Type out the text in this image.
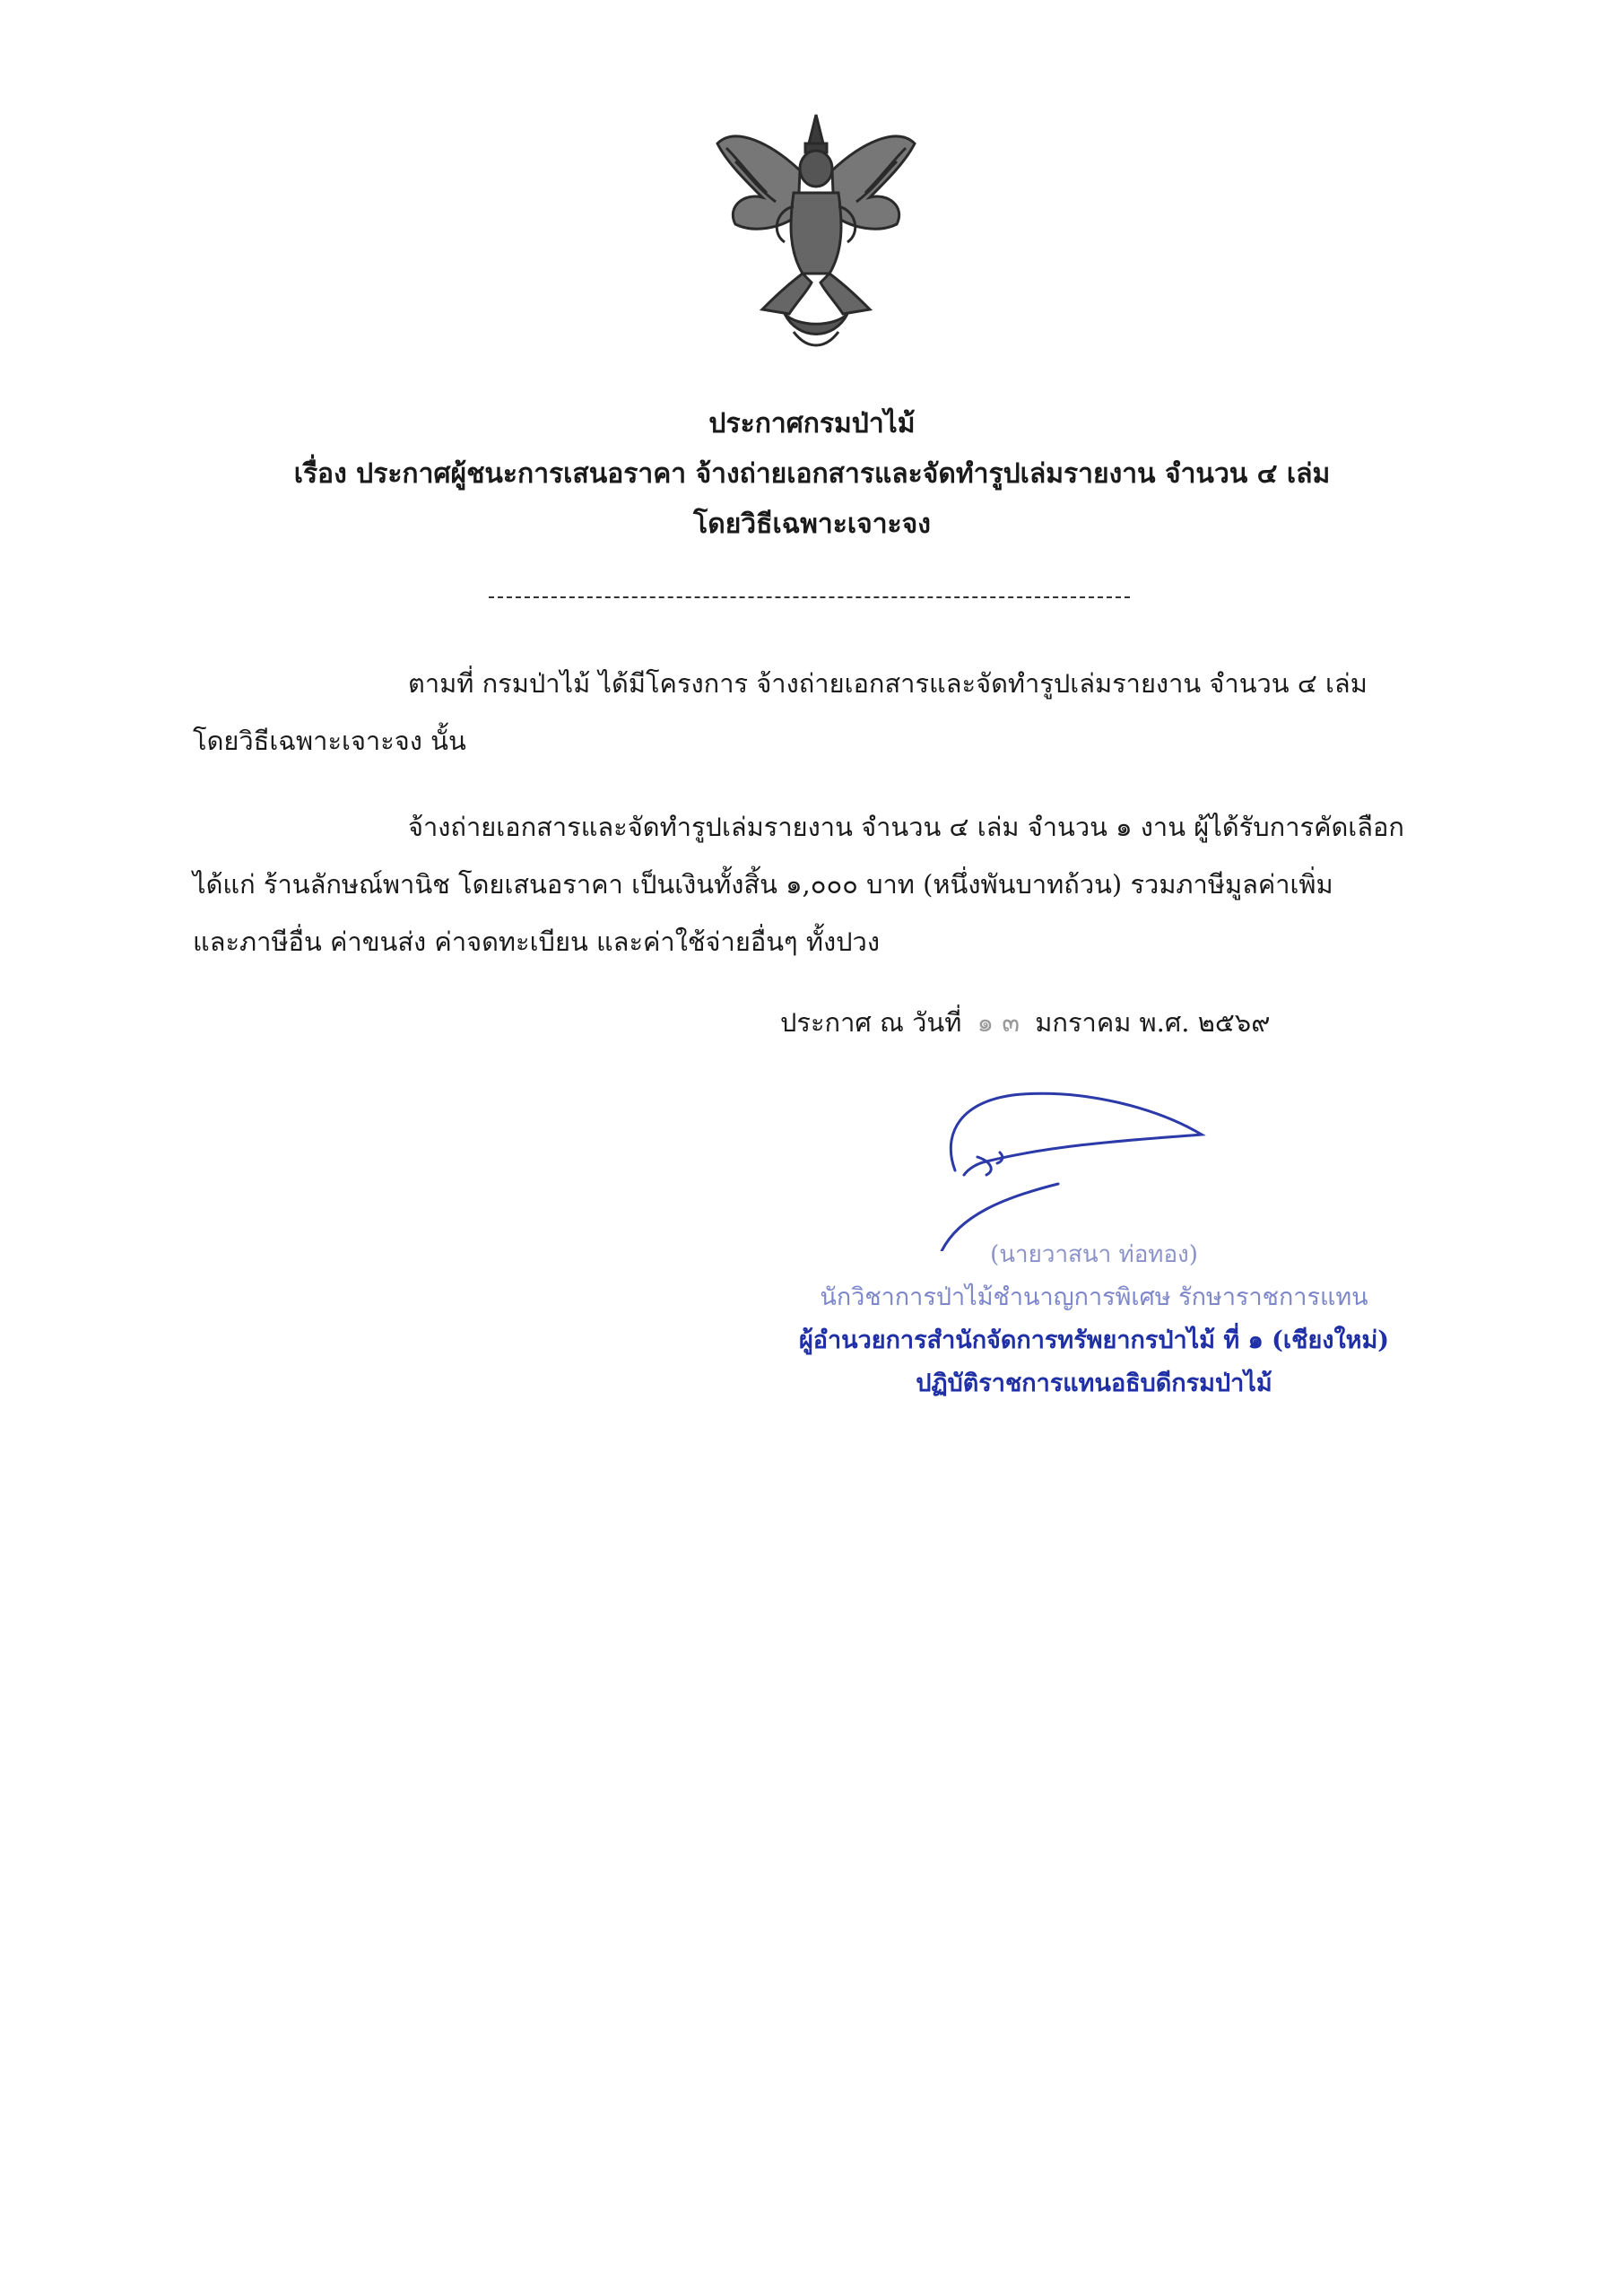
ประกาศกรมป่าไม้
เรื่อง ประกาศผู้ชนะการเสนอราคา จ้างถ่ายเอกสารและจัดทำรูปเล่มรายงาน จำนวน ๔ เล่ม
โดยวิธีเฉพาะเจาะจง
ตามที่ กรมป่าไม้ ได้มีโครงการ จ้างถ่ายเอกสารและจัดทำรูปเล่มรายงาน จำนวน ๔ เล่ม
โดยวิธีเฉพาะเจาะจง นั้น
จ้างถ่ายเอกสารและจัดทำรูปเล่มรายงาน จำนวน ๔ เล่ม จำนวน ๑ งาน ผู้ได้รับการคัดเลือก
ได้แก่ ร้านลักษณ์พานิช โดยเสนอราคา เป็นเงินทั้งสิ้น ๑,๐๐๐ บาท (หนึ่งพันบาทถ้วน) รวมภาษีมูลค่าเพิ่ม
และภาษีอื่น ค่าขนส่ง ค่าจดทะเบียน และค่าใช้จ่ายอื่นๆ ทั้งปวง
ประกาศ ณ วันที่ ๑ ๓ มกราคม พ.ศ. ๒๕๖๙
(นายวาสนา ท่อทอง)
นักวิชาการป่าไม้ชำนาญการพิเศษ รักษาราชการแทน
ผู้อำนวยการสำนักจัดการทรัพยากรป่าไม้ ที่ ๑ (เชียงใหม่)
ปฏิบัติราชการแทนอธิบดีกรมป่าไม้
